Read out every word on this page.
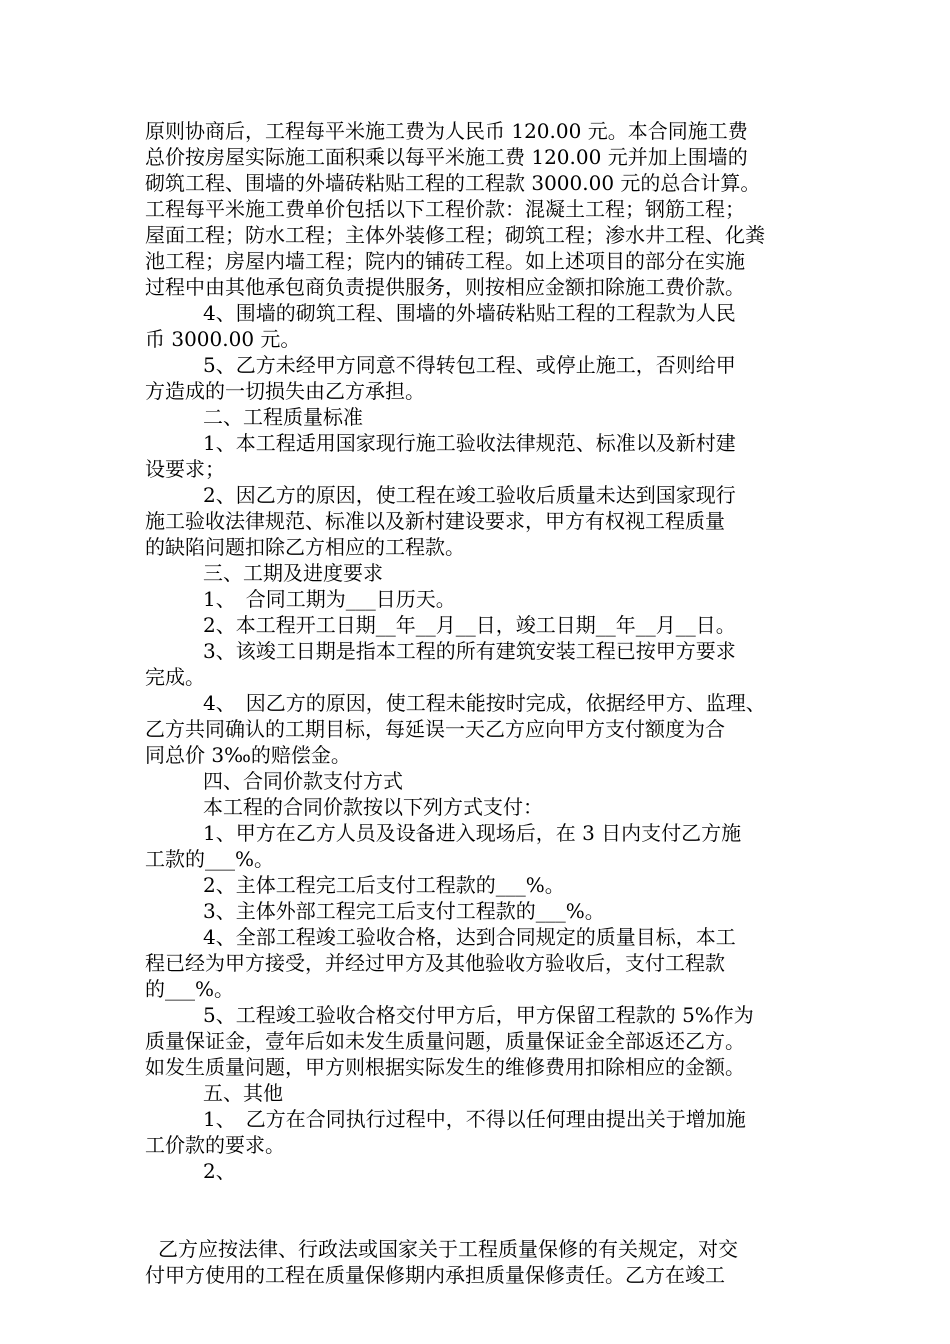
原则协商后，工程每平米施工费为人民币 120.00 元。本合同施工费

总价按房屋实际施工面积乘以每平米施工费 120.00 元并加上围墙的

砌筑工程、围墙的外墙砖粘贴工程的工程款 3000.00 元的总合计算。

工程每平米施工费单价包括以下工程价款：混凝土工程；钢筋工程；

屋面工程；防水工程；主体外装修工程；砌筑工程；渗水井工程、化粪

池工程；房屋内墙工程；院内的铺砖工程。如上述项目的部分在实施

过程中由其他承包商负责提供服务，则按相应金额扣除施工费价款。

4、围墙的砌筑工程、围墙的外墙砖粘贴工程的工程款为人民

币 3000.00 元。

5、乙方未经甲方同意不得转包工程、或停止施工，否则给甲

方造成的一切损失由乙方承担。

二、工程质量标准

1、本工程适用国家现行施工验收法律规范、标准以及新村建

设要求；

2、因乙方的原因，使工程在竣工验收后质量未达到国家现行

施工验收法律规范、标准以及新村建设要求，甲方有权视工程质量

的缺陷问题扣除乙方相应的工程款。

三、工期及进度要求

1、　合同工期为___日历天。

2、本工程开工日期__年__月__日，竣工日期__年__月__日。

3、该竣工日期是指本工程的所有建筑安装工程已按甲方要求

完成。

4、　因乙方的原因，使工程未能按时完成，依据经甲方、监理、

乙方共同确认的工期目标，每延误一天乙方应向甲方支付额度为合

同总价 3‰的赔偿金。

四、合同价款支付方式

本工程的合同价款按以下列方式支付：

1、甲方在乙方人员及设备进入现场后，在 3 日内支付乙方施

工款的___%。

2、主体工程完工后支付工程款的___%。

3、主体外部工程完工后支付工程款的___%。

4、全部工程竣工验收合格，达到合同规定的质量目标，本工

程已经为甲方接受，并经过甲方及其他验收方验收后，支付工程款

的___%。

5、工程竣工验收合格交付甲方后，甲方保留工程款的 5%作为

质量保证金，壹年后如未发生质量问题，质量保证金全部返还乙方。

如发生质量问题，甲方则根据实际发生的维修费用扣除相应的金额。

五、其他

1、　乙方在合同执行过程中，不得以任何理由提出关于增加施

工价款的要求。

2、

乙方应按法律、行政法或国家关于工程质量保修的有关规定，对交

付甲方使用的工程在质量保修期内承担质量保修责任。乙方在竣工
